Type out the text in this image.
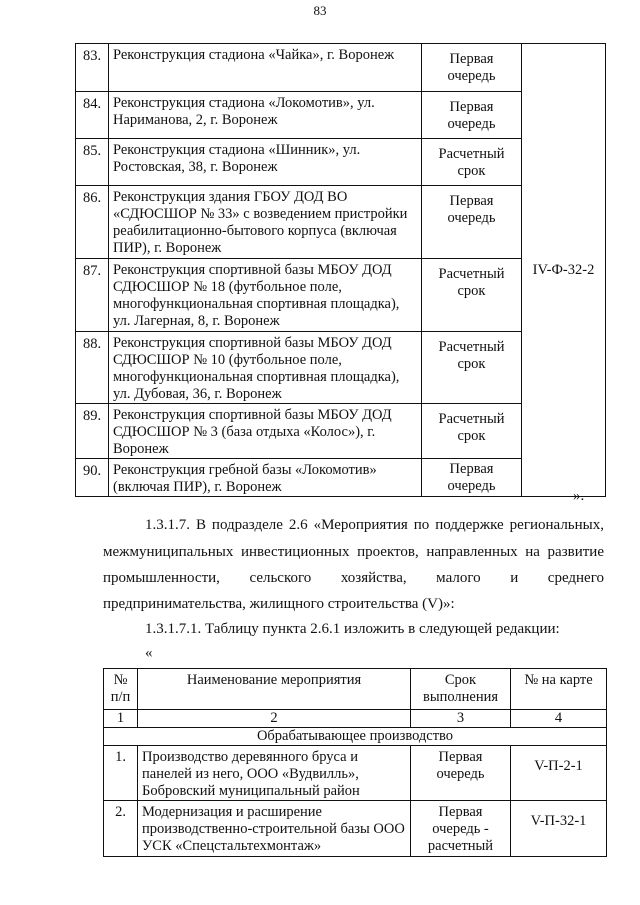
83
83.	Реконструкция стадиона «Чайка», г. Воронеж	Первая очередь	IV-Ф-32-2
84.	Реконструкция стадиона «Локомотив», ул. Нариманова, 2, г. Воронеж	Первая очередь	
85.	Реконструкция стадиона «Шинник», ул. Ростовская, 38, г. Воронеж	Расчетный срок	
86.	Реконструкция здания ГБОУ ДОД ВО «СДЮСШОР № 33» с возведением пристройки реабилитационно-бытового корпуса (включая ПИР), г. Воронеж	Первая очередь	
87.	Реконструкция спортивной базы МБОУ ДОД СДЮСШОР № 18 (футбольное поле, многофункциональная спортивная площадка), ул. Лагерная, 8, г. Воронеж	Расчетный срок	
88.	Реконструкция спортивной базы МБОУ ДОД СДЮСШОР № 10 (футбольное поле, многофункциональная спортивная площадка), ул. Дубовая, 36, г. Воронеж	Расчетный срок	
89.	Реконструкция спортивной базы МБОУ ДОД СДЮСШОР № 3 (база отдыха «Колос»), г. Воронеж	Расчетный срок	
90.	Реконструкция гребной базы «Локомотив» (включая ПИР), г. Воронеж	Первая очередь	
».
1.3.1.7. В подразделе 2.6 «Мероприятия по поддержке региональных,
межмуниципальных инвестиционных проектов, направленных на развитие
промышленности, сельского хозяйства, малого и среднего
предпринимательства, жилищного строительства (V)»:
1.3.1.7.1. Таблицу пункта 2.6.1 изложить в следующей редакции:
«
№ п/п	Наименование мероприятия	Срок выполнения	№ на карте
1	2	3	4
Обрабатывающее производство			
1.	Производство деревянного бруса и панелей из него, ООО «Вудвилль», Бобровский муниципальный район	Первая очередь	V-П-2-1
2.	Модернизация и расширение производственно-строительной базы ООО УСК «Спецстальтехмонтаж»	Первая очередь - расчетный	V-П-32-1
